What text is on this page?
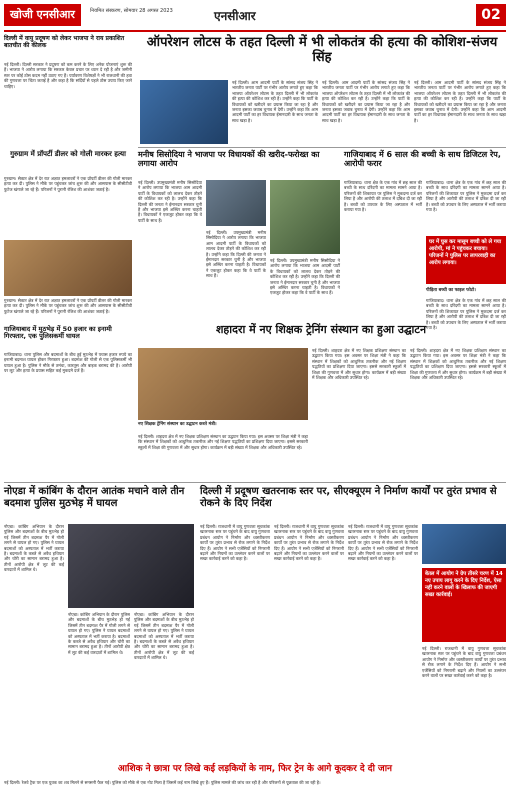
खोजी एनसीआर	नियमित संस्करण, सोमवार 28 अगस्त 2023	एनसीआर	02
दिल्ली में वायु प्रदूषण को लेकर भाजपा ने राय प्रकाशित बातचीत की कीलक
नई दिल्ली। दिल्ली सरकार ने प्रदूषण को कम करने के लिए अनेक योजनाएं शुरू की हैं। भाजपा ने आरोप लगाया कि सरकार केवल प्रचार पर ध्यान दे रही है और जमीनी स्तर पर कोई ठोस कदम नहीं उठाए गए हैं। पर्यावरण विशेषज्ञों ने भी राजधानी की हवा की गुणवत्ता पर चिंता जताई है और कहा है कि सर्दियों से पहले ठोस उपाय किए जाने चाहिए।
गुरुग्राम में प्रॉपर्टी डीलर को गोली मारकर हत्या
गुरुग्राम। सेक्टर क्षेत्र में देर रात अज्ञात हमलावरों ने एक प्रॉपर्टी डीलर की गोली मारकर हत्या कर दी। पुलिस ने मौके पर पहुंचकर जांच शुरू की और आसपास के सीसीटीवी फुटेज खंगाले जा रहे हैं। परिजनों ने पुरानी रंजिश की आशंका जताई है।
गुरुग्राम। सेक्टर क्षेत्र में देर रात अज्ञात हमलावरों ने एक प्रॉपर्टी डीलर की गोली मारकर हत्या कर दी। पुलिस ने मौके पर पहुंचकर जांच शुरू की और आसपास के सीसीटीवी फुटेज खंगाले जा रहे हैं। परिजनों ने पुरानी रंजिश की आशंका जताई है।
गाजियाबाद में मुठभेड़ में 50 हजार का इनामी गिरफ्तार, एक पुलिसकर्मी घायल
गाजियाबाद। थाना पुलिस और बदमाशों के बीच हुई मुठभेड़ में पचास हजार रुपये का इनामी बदमाश घायल होकर गिरफ्तार हुआ। बदमाश की गोली से एक पुलिसकर्मी भी घायल हुआ है। पुलिस ने मौके से तमंचा, कारतूस और बाइक बरामद की है। आरोपी पर लूट और हत्या के प्रयास सहित कई मुकदमे दर्ज हैं।
ऑपरेशन लोटस के तहत दिल्ली में भी लोकतंत्र की हत्या की कोशिश-संजय सिंह
नई दिल्ली। आम आदमी पार्टी के सांसद संजय सिंह ने भारतीय जनता पार्टी पर गंभीर आरोप लगाते हुए कहा कि भाजपा ऑपरेशन लोटस के तहत दिल्ली में भी लोकतंत्र की हत्या की कोशिश कर रही है। उन्होंने कहा कि पार्टी के विधायकों को खरीदने का प्रयास किया जा रहा है और जनता इसका जवाब चुनाव में देगी। उन्होंने कहा कि आम आदमी पार्टी का हर विधायक ईमानदारी के साथ जनता के साथ खड़ा है।
नई दिल्ली। आम आदमी पार्टी के सांसद संजय सिंह ने भारतीय जनता पार्टी पर गंभीर आरोप लगाते हुए कहा कि भाजपा ऑपरेशन लोटस के तहत दिल्ली में भी लोकतंत्र की हत्या की कोशिश कर रही है। उन्होंने कहा कि पार्टी के विधायकों को खरीदने का प्रयास किया जा रहा है और जनता इसका जवाब चुनाव में देगी। उन्होंने कहा कि आम आदमी पार्टी का हर विधायक ईमानदारी के साथ जनता के साथ खड़ा है।
नई दिल्ली। आम आदमी पार्टी के सांसद संजय सिंह ने भारतीय जनता पार्टी पर गंभीर आरोप लगाते हुए कहा कि भाजपा ऑपरेशन लोटस के तहत दिल्ली में भी लोकतंत्र की हत्या की कोशिश कर रही है। उन्होंने कहा कि पार्टी के विधायकों को खरीदने का प्रयास किया जा रहा है और जनता इसका जवाब चुनाव में देगी। उन्होंने कहा कि आम आदमी पार्टी का हर विधायक ईमानदारी के साथ जनता के साथ खड़ा है।
मनीष सिसोदिया ने भाजपा पर विधायकों की खरीद-फरोख्त का लगाया आरोप
नई दिल्ली। उपमुख्यमंत्री मनीष सिसोदिया ने आरोप लगाया कि भाजपा आम आदमी पार्टी के विधायकों को लालच देकर तोड़ने की कोशिश कर रही है। उन्होंने कहा कि दिल्ली की जनता ने ईमानदार सरकार चुनी है और भाजपा इसे अस्थिर करना चाहती है। विधायकों ने एकजुट होकर कहा कि वे पार्टी के साथ हैं।
नई दिल्ली। उपमुख्यमंत्री मनीष सिसोदिया ने आरोप लगाया कि भाजपा आम आदमी पार्टी के विधायकों को लालच देकर तोड़ने की कोशिश कर रही है। उन्होंने कहा कि दिल्ली की जनता ने ईमानदार सरकार चुनी है और भाजपा इसे अस्थिर करना चाहती है। विधायकों ने एकजुट होकर कहा कि वे पार्टी के साथ हैं।
नई दिल्ली। उपमुख्यमंत्री मनीष सिसोदिया ने आरोप लगाया कि भाजपा आम आदमी पार्टी के विधायकों को लालच देकर तोड़ने की कोशिश कर रही है। उन्होंने कहा कि दिल्ली की जनता ने ईमानदार सरकार चुनी है और भाजपा इसे अस्थिर करना चाहती है। विधायकों ने एकजुट होकर कहा कि वे पार्टी के साथ हैं।
गाजियाबाद में 6 साल की बच्ची के साथ डिजिटल रेप, आरोपी फरार
गाजियाबाद। थाना क्षेत्र के एक गांव में छह साल की बच्ची के साथ दरिंदगी का मामला सामने आया है। परिजनों की शिकायत पर पुलिस ने मुकदमा दर्ज कर लिया है और आरोपी की तलाश में दबिश दी जा रही है। बच्ची को उपचार के लिए अस्पताल में भर्ती कराया गया है।
गाजियाबाद। थाना क्षेत्र के एक गांव में छह साल की बच्ची के साथ दरिंदगी का मामला सामने आया है। परिजनों की शिकायत पर पुलिस ने मुकदमा दर्ज कर लिया है और आरोपी की तलाश में दबिश दी जा रही है। बच्ची को उपचार के लिए अस्पताल में भर्ती कराया गया है।
घर में घुस कर मासूम बच्ची को ले गया आरोपी, मां ने पहुंचकर बचाया। परिजनों ने पुलिस पर लापरवाही का आरोप लगाया।
पीड़िता बच्ची का फाइल फोटो।
गाजियाबाद। थाना क्षेत्र के एक गांव में छह साल की बच्ची के साथ दरिंदगी का मामला सामने आया है। परिजनों की शिकायत पर पुलिस ने मुकदमा दर्ज कर लिया है और आरोपी की तलाश में दबिश दी जा रही है। बच्ची को उपचार के लिए अस्पताल में भर्ती कराया गया है।
शहादरा में नए शिक्षक ट्रेनिंग संस्थान का हुआ उद्घाटन
नए शिक्षक ट्रेनिंग संस्थान का उद्घाटन करते मंत्री।
नई दिल्ली। शाहदरा क्षेत्र में नए शिक्षक प्रशिक्षण संस्थान का उद्घाटन किया गया। इस अवसर पर शिक्षा मंत्री ने कहा कि संस्थान में शिक्षकों को आधुनिक तकनीक और नई शिक्षण पद्धतियों का प्रशिक्षण दिया जाएगा। इससे सरकारी स्कूलों में शिक्षा की गुणवत्ता में और सुधार होगा। कार्यक्रम में बड़ी संख्या में शिक्षक और अधिकारी उपस्थित रहे।
नई दिल्ली। शाहदरा क्षेत्र में नए शिक्षक प्रशिक्षण संस्थान का उद्घाटन किया गया। इस अवसर पर शिक्षा मंत्री ने कहा कि संस्थान में शिक्षकों को आधुनिक तकनीक और नई शिक्षण पद्धतियों का प्रशिक्षण दिया जाएगा। इससे सरकारी स्कूलों में शिक्षा की गुणवत्ता में और सुधार होगा। कार्यक्रम में बड़ी संख्या में शिक्षक और अधिकारी उपस्थित रहे।
नई दिल्ली। शाहदरा क्षेत्र में नए शिक्षक प्रशिक्षण संस्थान का उद्घाटन किया गया। इस अवसर पर शिक्षा मंत्री ने कहा कि संस्थान में शिक्षकों को आधुनिक तकनीक और नई शिक्षण पद्धतियों का प्रशिक्षण दिया जाएगा। इससे सरकारी स्कूलों में शिक्षा की गुणवत्ता में और सुधार होगा। कार्यक्रम में बड़ी संख्या में शिक्षक और अधिकारी उपस्थित रहे।
नोएडा में कांबिंग के दौरान आतंक मचाने वाले तीन बदमाश पुलिस मुठभेड़ में घायल
नोएडा। कांबिंग अभियान के दौरान पुलिस और बदमाशों के बीच मुठभेड़ हो गई जिसमें तीन बदमाश पैर में गोली लगने से घायल हो गए। पुलिस ने घायल बदमाशों को अस्पताल में भर्ती कराया है। बदमाशों के कब्जे से अवैध हथियार और चोरी का सामान बरामद हुआ है। तीनों आरोपी क्षेत्र में लूट की कई वारदातों में शामिल थे।
नोएडा। कांबिंग अभियान के दौरान पुलिस और बदमाशों के बीच मुठभेड़ हो गई जिसमें तीन बदमाश पैर में गोली लगने से घायल हो गए। पुलिस ने घायल बदमाशों को अस्पताल में भर्ती कराया है। बदमाशों के कब्जे से अवैध हथियार और चोरी का सामान बरामद हुआ है। तीनों आरोपी क्षेत्र में लूट की कई वारदातों में शामिल थे।
नोएडा। कांबिंग अभियान के दौरान पुलिस और बदमाशों के बीच मुठभेड़ हो गई जिसमें तीन बदमाश पैर में गोली लगने से घायल हो गए। पुलिस ने घायल बदमाशों को अस्पताल में भर्ती कराया है। बदमाशों के कब्जे से अवैध हथियार और चोरी का सामान बरामद हुआ है। तीनों आरोपी क्षेत्र में लूट की कई वारदातों में शामिल थे।
दिल्ली में प्रदूषण खतरनाक स्तर पर, सीएक्यूएम ने निर्माण कार्यों पर तुरंत प्रभाव से रोकने के दिए निर्देश
नई दिल्ली। राजधानी में वायु गुणवत्ता सूचकांक खतरनाक स्तर पर पहुंचने के बाद वायु गुणवत्ता प्रबंधन आयोग ने निर्माण और ध्वस्तीकरण कार्यों पर तुरंत प्रभाव से रोक लगाने के निर्देश दिए हैं। आयोग ने सभी एजेंसियों को निगरानी बढ़ाने और नियमों का उल्लंघन करने वालों पर सख्त कार्रवाई करने को कहा है।
नई दिल्ली। राजधानी में वायु गुणवत्ता सूचकांक खतरनाक स्तर पर पहुंचने के बाद वायु गुणवत्ता प्रबंधन आयोग ने निर्माण और ध्वस्तीकरण कार्यों पर तुरंत प्रभाव से रोक लगाने के निर्देश दिए हैं। आयोग ने सभी एजेंसियों को निगरानी बढ़ाने और नियमों का उल्लंघन करने वालों पर सख्त कार्रवाई करने को कहा है।
नई दिल्ली। राजधानी में वायु गुणवत्ता सूचकांक खतरनाक स्तर पर पहुंचने के बाद वायु गुणवत्ता प्रबंधन आयोग ने निर्माण और ध्वस्तीकरण कार्यों पर तुरंत प्रभाव से रोक लगाने के निर्देश दिए हैं। आयोग ने सभी एजेंसियों को निगरानी बढ़ाने और नियमों का उल्लंघन करने वालों पर सख्त कार्रवाई करने को कहा है।
बेतल में आयोग ने ग्रेप तीसरे चरण में 14 नए उपाय लागू करने के दिए निर्देश, ऐसा नहीं करने वालों के खिलाफ की जाएगी सख्त कार्रवाई।
नई दिल्ली। राजधानी में वायु गुणवत्ता सूचकांक खतरनाक स्तर पर पहुंचने के बाद वायु गुणवत्ता प्रबंधन आयोग ने निर्माण और ध्वस्तीकरण कार्यों पर तुरंत प्रभाव से रोक लगाने के निर्देश दिए हैं। आयोग ने सभी एजेंसियों को निगरानी बढ़ाने और नियमों का उल्लंघन करने वालों पर सख्त कार्रवाई करने को कहा है।
आशिक ने छात्रा पर लिखे कई लड़कियों के नाम, फिर ट्रेन के आगे कूदकर दे दी जान
नई दिल्ली। रेलवे ट्रैक पर एक युवक का शव मिलने से सनसनी फैल गई। पुलिस को मौके से एक नोट मिला है जिसमें कई नाम लिखे हुए हैं। पुलिस मामले की जांच कर रही है और परिजनों से पूछताछ की जा रही है।
